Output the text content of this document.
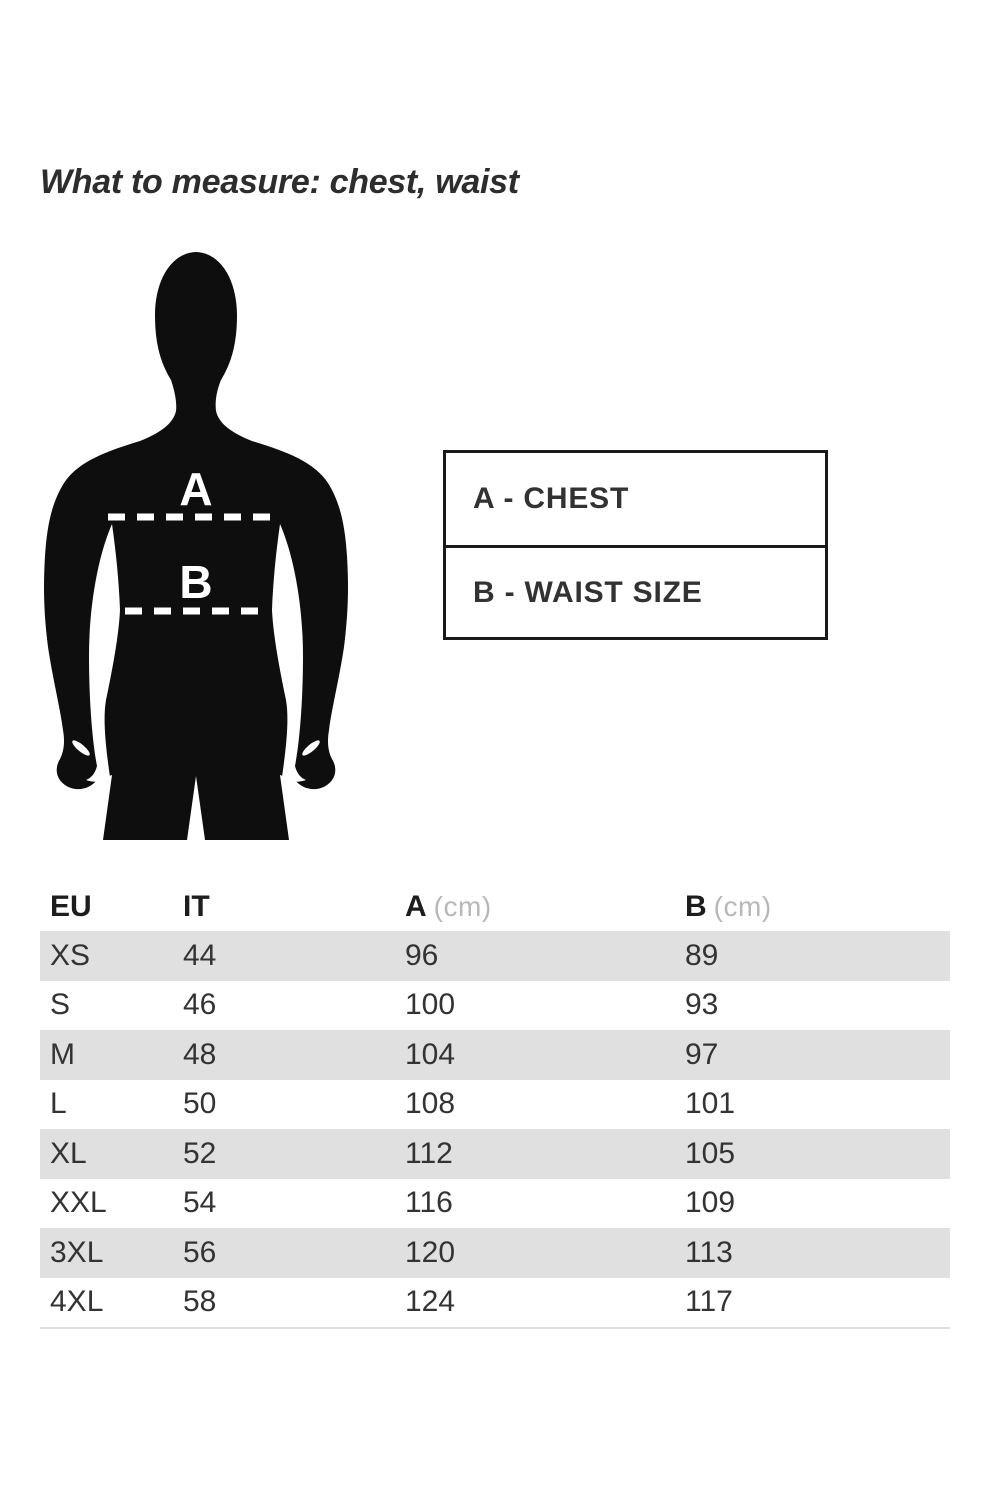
What to measure: chest, waist
A
B
A - CHEST
B - WAIST SIZE
EU	IT	A (cm)	B (cm)
XS	44	96	89
S	46	100	93
M	48	104	97
L	50	108	101
XL	52	112	105
XXL	54	116	109
3XL	56	120	113
4XL	58	124	117
